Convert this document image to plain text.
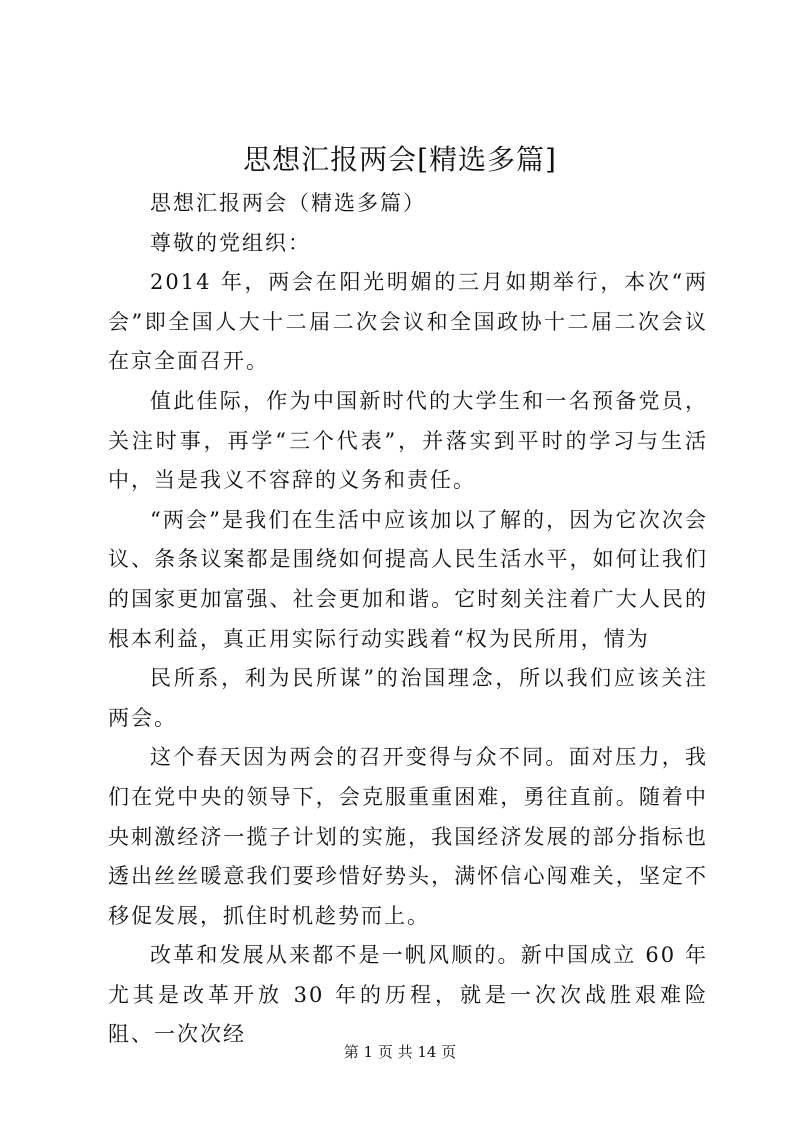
思想汇报两会[精选多篇]

思想汇报两会（精选多篇）

尊敬的党组织：

2014 年，两会在阳光明媚的三月如期举行，本次“两会”即全国人大十二届二次会议和全国政协十二届二次会议在京全面召开。

值此佳际，作为中国新时代的大学生和一名预备党员，关注时事，再学“三个代表”，并落实到平时的学习与生活中，当是我义不容辞的义务和责任。

“两会”是我们在生活中应该加以了解的，因为它次次会议、条条议案都是围绕如何提高人民生活水平，如何让我们的国家更加富强、社会更加和谐。它时刻关注着广大人民的根本利益，真正用实际行动实践着“权为民所用，情为

民所系，利为民所谋”的治国理念，所以我们应该关注两会。

这个春天因为两会的召开变得与众不同。面对压力，我们在党中央的领导下，会克服重重困难，勇往直前。随着中央刺激经济一揽子计划的实施，我国经济发展的部分指标也透出丝丝暖意我们要珍惜好势头，满怀信心闯难关，坚定不移促发展，抓住时机趁势而上。

改革和发展从来都不是一帆风顺的。新中国成立 60 年尤其是改革开放 30 年的历程，就是一次次战胜艰难险阻、一次次经

第 1 页 共 14 页
